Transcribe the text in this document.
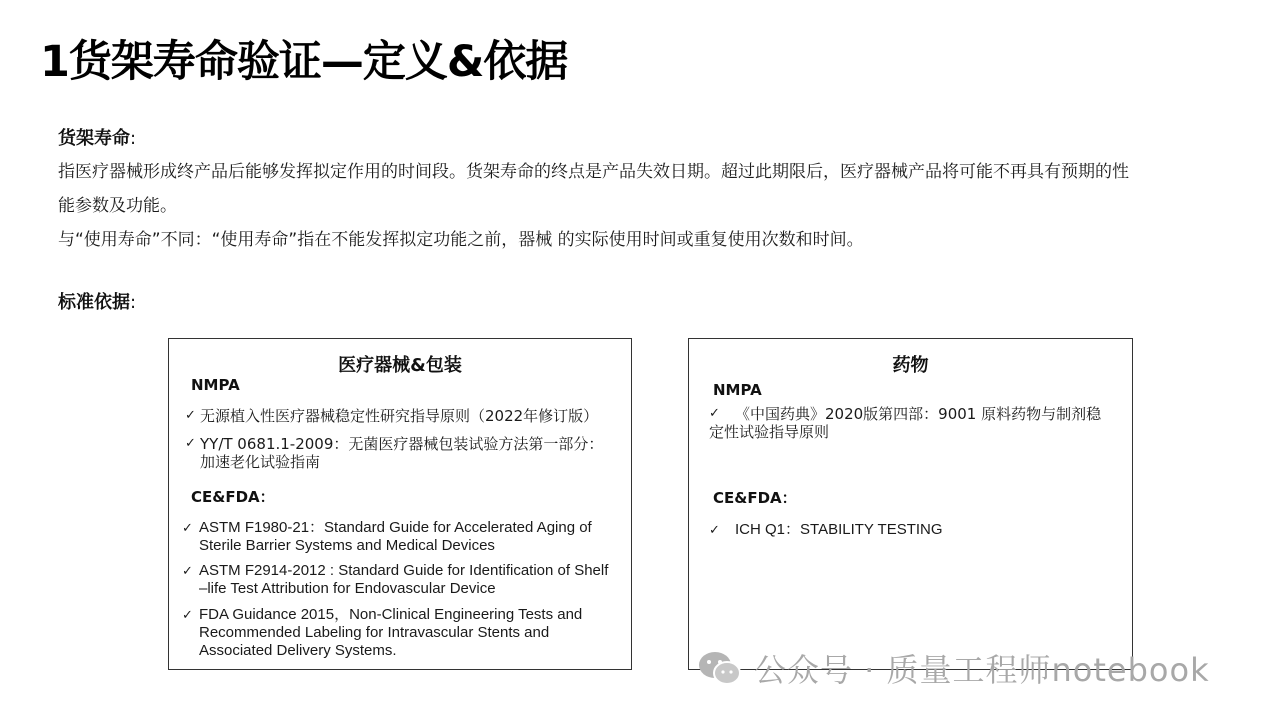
1货架寿命验证—定义&依据
货架寿命:
指医疗器械形成终产品后能够发挥拟定作用的时间段。货架寿命的终点是产品失效日期。超过此期限后，医疗器械产品将可能不再具有预期的性
能参数及功能。
与“使用寿命”不同：“使用寿命”指在不能发挥拟定功能之前，器械 的实际使用时间或重复使用次数和时间。
标准依据:
医疗器械&包装
NMPA
✓ 无源植入性医疗器械稳定性研究指导原则（2022年修订版）
✓ YY/T 0681.1-2009：无菌医疗器械包装试验方法第一部分：
加速老化试验指南
CE&FDA：
✓ ASTM F1980-21：Standard Guide for Accelerated Aging of
Sterile Barrier Systems and Medical Devices
✓ ASTM F2914-2012 : Standard Guide for Identification of Shelf
–life Test Attribution for Endovascular Device
✓ FDA Guidance 2015，Non-Clinical Engineering Tests and
Recommended Labeling for Intravascular Stents and
Associated Delivery Systems.
药物
NMPA
✓	《中国药典》2020版第四部：9001 原料药物与制剂稳
定性试验指导原则
CE&FDA：
✓	ICH Q1：STABILITY TESTING
公众号 · 质量工程师notebook
